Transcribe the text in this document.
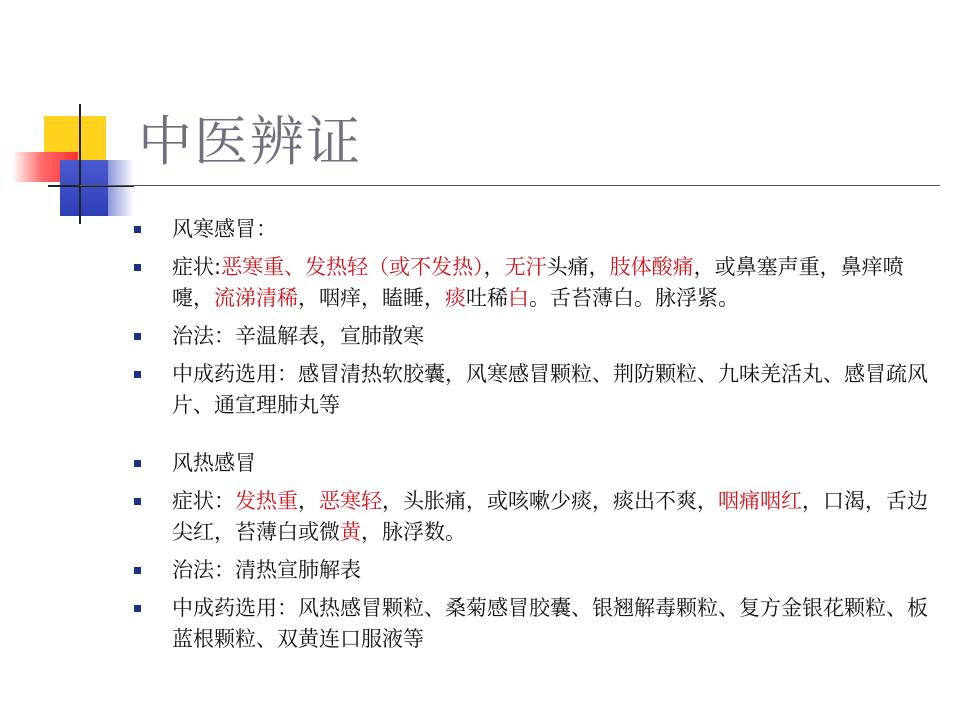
中医辨证
风寒感冒：
症状:恶寒重、发热轻（或不发热），无汗头痛，肢体酸痛，或鼻塞声重，鼻痒喷嚏，流涕清稀，咽痒，瞌睡，痰吐稀白。舌苔薄白。脉浮紧。
治法：辛温解表，宣肺散寒
中成药选用：感冒清热软胶囊，风寒感冒颗粒、荆防颗粒、九味羌活丸、感冒疏风片、通宣理肺丸等
风热感冒
症状：发热重，恶寒轻，头胀痛，或咳嗽少痰，痰出不爽，咽痛咽红，口渴，舌边尖红，苔薄白或微黄，脉浮数。
治法：清热宣肺解表
中成药选用：风热感冒颗粒、桑菊感冒胶囊、银翘解毒颗粒、复方金银花颗粒、板蓝根颗粒、双黄连口服液等
